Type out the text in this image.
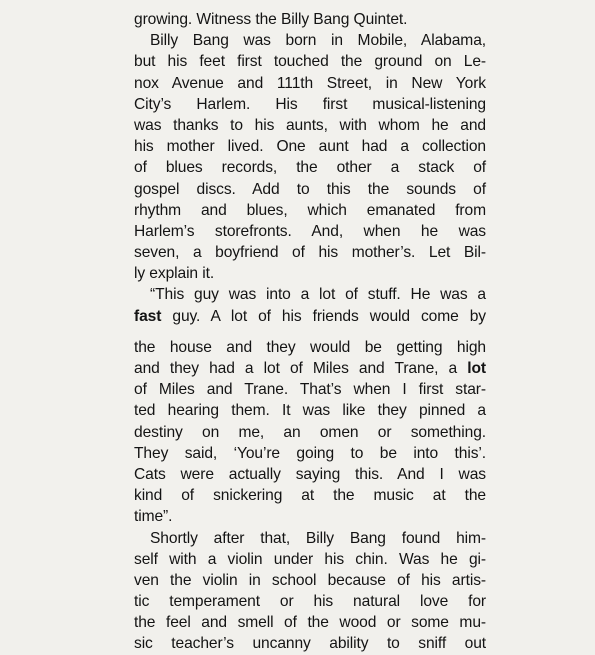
growing. Witness the Billy Bang Quintet.
Billy Bang was born in Mobile, Alabama,
but his feet first touched the ground on Le-
nox Avenue and 111th Street, in New York
City’s Harlem. His first musical-listening
was thanks to his aunts, with whom he and
his mother lived. One aunt had a collection
of blues records, the other a stack of
gospel discs. Add to this the sounds of
rhythm and blues, which emanated from
Harlem’s storefronts. And, when he was
seven, a boyfriend of his mother’s. Let Bil-
ly explain it.
“This guy was into a lot of stuff. He was a
fast guy. A lot of his friends would come by
the house and they would be getting high
and they had a lot of Miles and Trane, a lot
of Miles and Trane. That’s when I first star-
ted hearing them. It was like they pinned a
destiny on me, an omen or something.
They said, ‘You’re going to be into this’.
Cats were actually saying this. And I was
kind of snickering at the music at the
time”.
Shortly after that, Billy Bang found him-
self with a violin under his chin. Was he gi-
ven the violin in school because of his artis-
tic temperament or his natural love for
the feel and smell of the wood or some mu-
sic teacher’s uncanny ability to sniff out
